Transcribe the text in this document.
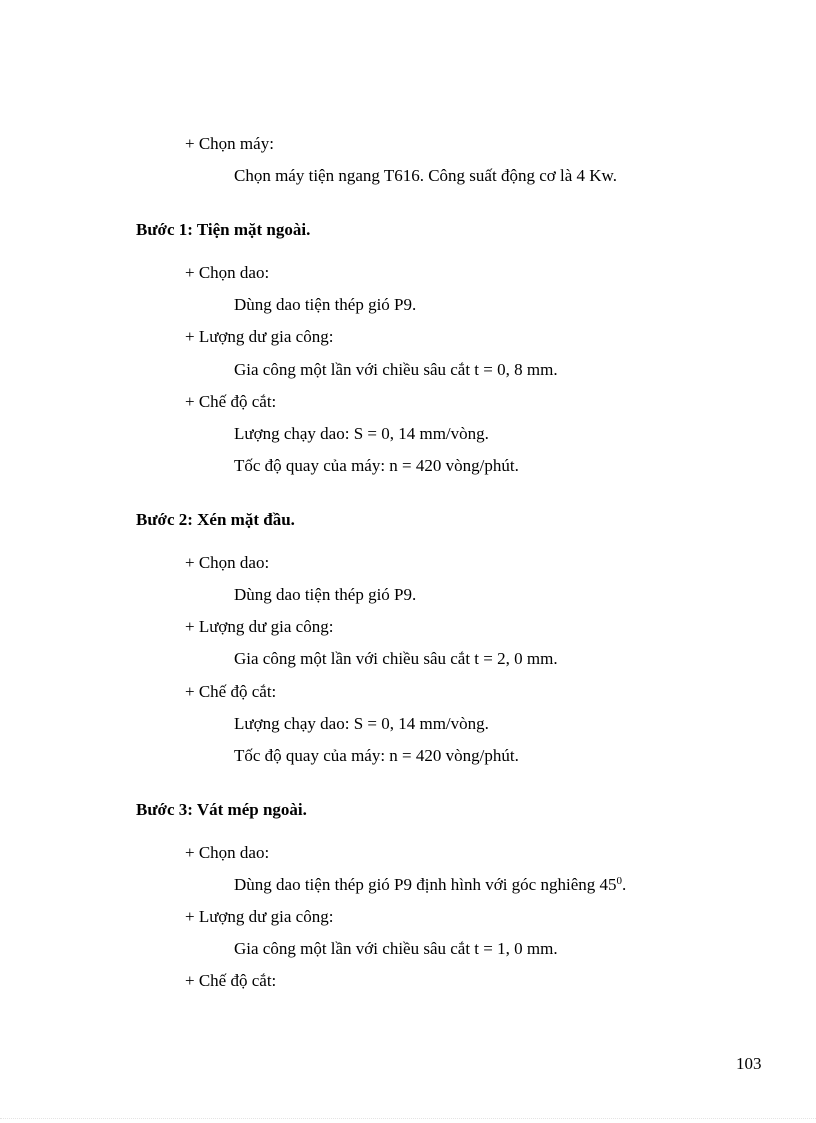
+ Chọn máy:
Chọn máy tiện ngang T616. Công suất động cơ là 4 Kw.
Bước 1: Tiện mặt ngoài.
+ Chọn dao:
Dùng dao tiện thép gió P9.
+ Lượng dư gia công:
Gia công một lần với chiều sâu cắt t = 0, 8 mm.
+ Chế độ cắt:
Lượng chạy dao: S = 0, 14 mm/vòng.
Tốc độ quay của máy: n = 420 vòng/phút.
Bước 2: Xén mặt đầu.
+ Chọn dao:
Dùng dao tiện thép gió P9.
+ Lượng dư gia công:
Gia công một lần với chiều sâu cắt t = 2, 0 mm.
+ Chế độ cắt:
Lượng chạy dao: S = 0, 14 mm/vòng.
Tốc độ quay của máy: n = 420 vòng/phút.
Bước 3: Vát mép ngoài.
+ Chọn dao:
Dùng dao tiện thép gió P9 định hình với góc nghiêng $45^0$.
+ Lượng dư gia công:
Gia công một lần với chiều sâu cắt t = 1, 0 mm.
+ Chế độ cắt:
103
